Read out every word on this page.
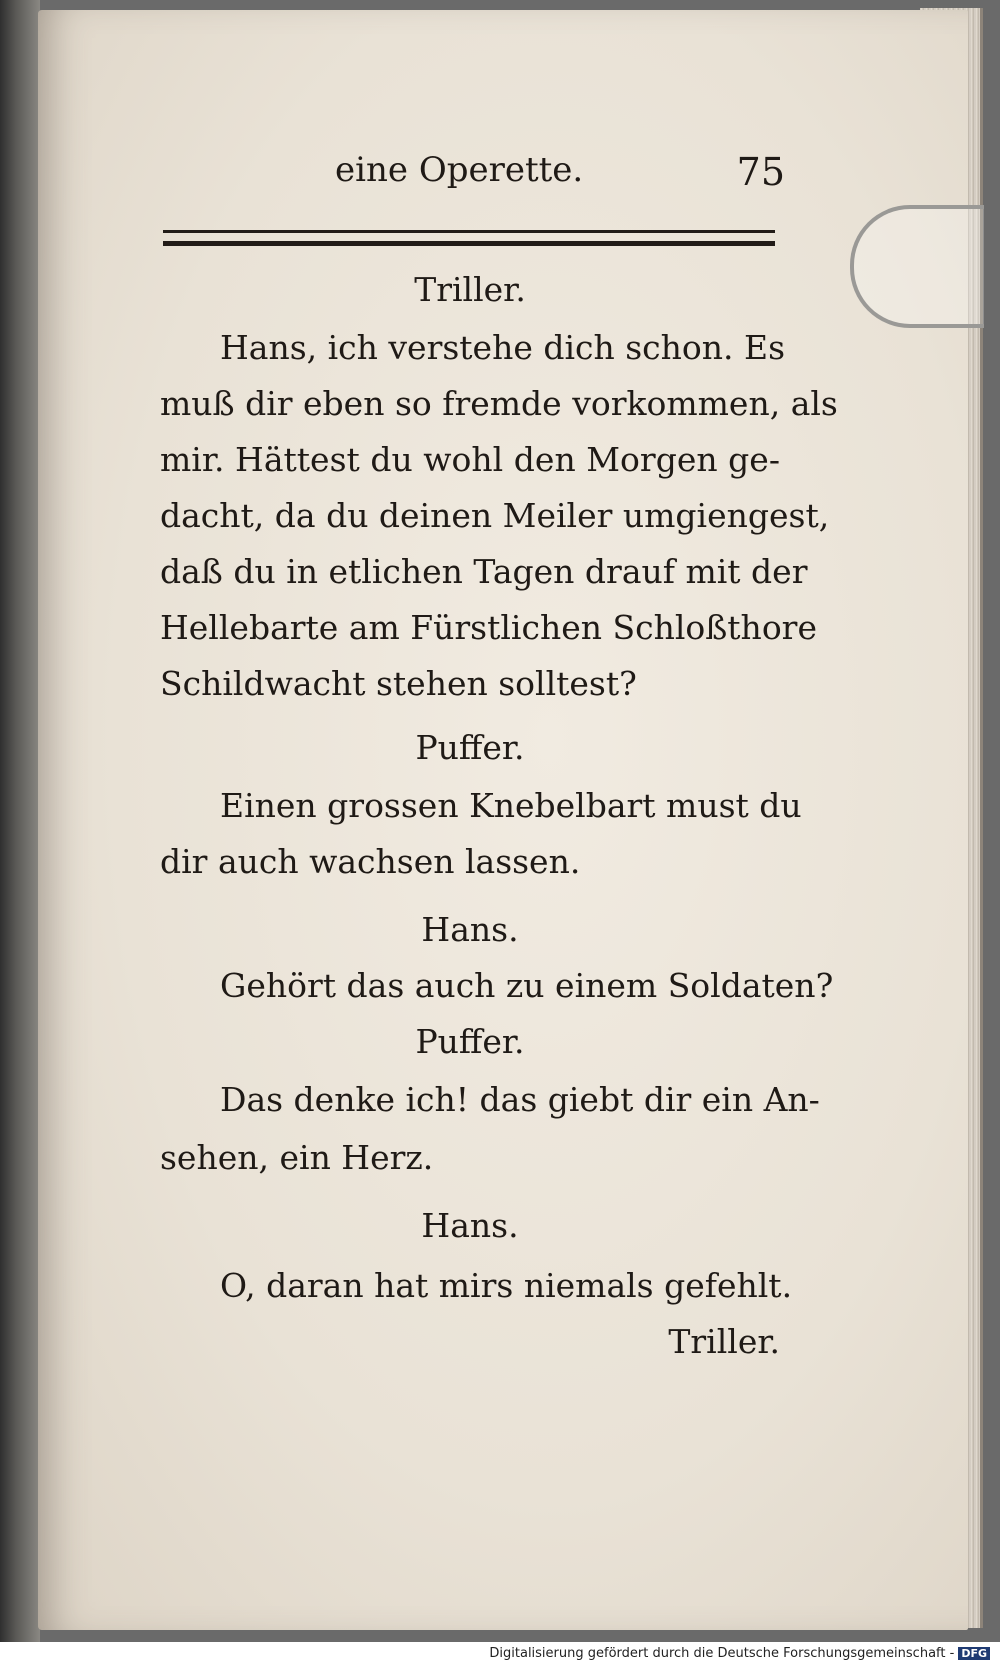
eine Operette.	75
Triller.
Hans, ich verstehe dich schon. Es
muß dir eben so fremde vorkommen, als
mir. Hättest du wohl den Morgen ge-
dacht, da du deinen Meiler umgiengest,
daß du in etlichen Tagen drauf mit der
Hellebarte am Fürstlichen Schloßthore
Schildwacht stehen solltest?
Puffer.
Einen grossen Knebelbart must du
dir auch wachsen lassen.
Hans.
Gehört das auch zu einem Soldaten?
Puffer.
Das denke ich! das giebt dir ein An-
sehen, ein Herz.
Hans.
O, daran hat mirs niemals gefehlt.
Triller.
Digitalisierung gefördert durch die Deutsche Forschungsgemeinschaft - DFG
